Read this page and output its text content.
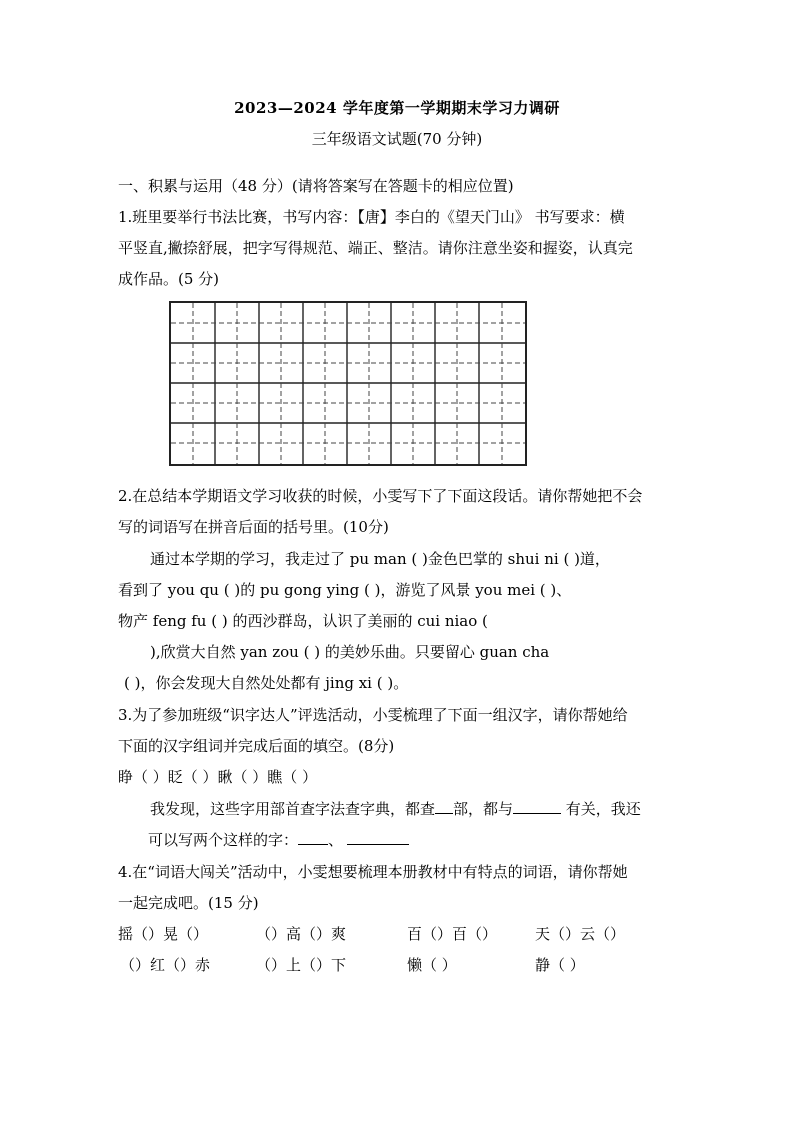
2023—2024 学年度第一学期期末学习力调研
三年级语文试题(70 分钟)
一、积累与运用（48 分）(请将答案写在答题卡的相应位置)
1.班里要举行书法比赛，书写内容：【唐】李白的《望天门山》 书写要求：横
平竖直,撇捺舒展，把字写得规范、端正、整洁。请你注意坐姿和握姿，认真完
成作品。(5 分)
2.在总结本学期语文学习收获的时候，小雯写下了下面这段话。请你帮她把不会
写的词语写在拼音后面的括号里。(10分)
通过本学期的学习，我走过了 pu man ( )金色巴掌的 shui ni ( )道，
看到了 you qu ( )的 pu gong ying ( )，游览了风景 you mei ( )、
物产 feng fu ( ) 的西沙群岛，认识了美丽的 cui niao (
),欣赏大自然 yan zou ( ) 的美妙乐曲。只要留心 guan cha
( )，你会发现大自然处处都有 jing xi ( )。
3.为了参加班级“识字达人”评选活动，小雯梳理了下面一组汉字，请你帮她给
下面的汉字组词并完成后面的填空。(8分)
睁（ ）眨（ ）瞅（ ）瞧（ ）
我发现，这些字用部首查字法查字典，都查 部，都与	有关，我还
可以写两个这样的字： 、
4.在“词语大闯关”活动中，小雯想要梳理本册教材中有特点的词语，请你帮她
一起完成吧。(15 分)
摇（）晃（）	（）高（）爽	百（）百（）	天（）云（）
（）红（）赤	（）上（）下	懒（ ）	静（ ）
